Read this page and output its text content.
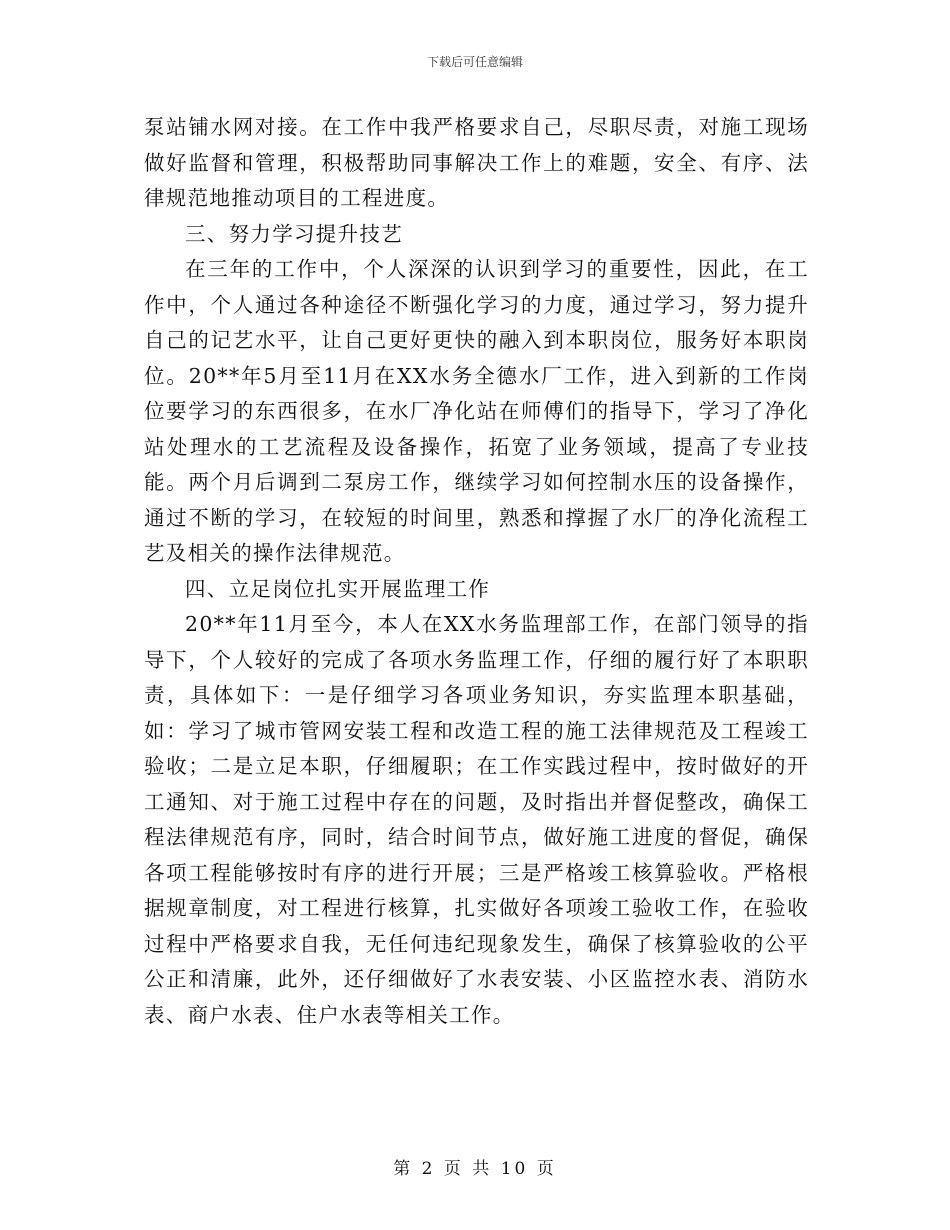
下载后可任意编辑

泵站铺水网对接。在工作中我严格要求自己，尽职尽责，对施工现场做好监督和管理，积极帮助同事解决工作上的难题，安全、有序、法律规范地推动项目的工程进度。

三、努力学习提升技艺

在三年的工作中，个人深深的认识到学习的重要性，因此，在工作中，个人通过各种途径不断强化学习的力度，通过学习，努力提升自己的记艺水平，让自己更好更快的融入到本职岗位，服务好本职岗位。20**年5月至11月在XX水务全德水厂工作，进入到新的工作岗位要学习的东西很多，在水厂净化站在师傅们的指导下，学习了净化站处理水的工艺流程及设备操作，拓宽了业务领域，提高了专业技能。两个月后调到二泵房工作，继续学习如何控制水压的设备操作，通过不断的学习，在较短的时间里，熟悉和撑握了水厂的净化流程工艺及相关的操作法律规范。

四、立足岗位扎实开展监理工作

20**年11月至今，本人在XX水务监理部工作，在部门领导的指导下，个人较好的完成了各项水务监理工作，仔细的履行好了本职职责，具体如下：一是仔细学习各项业务知识，夯实监理本职基础，如：学习了城市管网安装工程和改造工程的施工法律规范及工程竣工验收；二是立足本职，仔细履职；在工作实践过程中，按时做好的开工通知、对于施工过程中存在的问题，及时指出并督促整改，确保工程法律规范有序，同时，结合时间节点，做好施工进度的督促，确保各项工程能够按时有序的进行开展；三是严格竣工核算验收。严格根据规章制度，对工程进行核算，扎实做好各项竣工验收工作，在验收过程中严格要求自我，无任何违纪现象发生，确保了核算验收的公平公正和清廉，此外，还仔细做好了水表安装、小区监控水表、消防水表、商户水表、住户水表等相关工作。

第 2 页 共 10 页
